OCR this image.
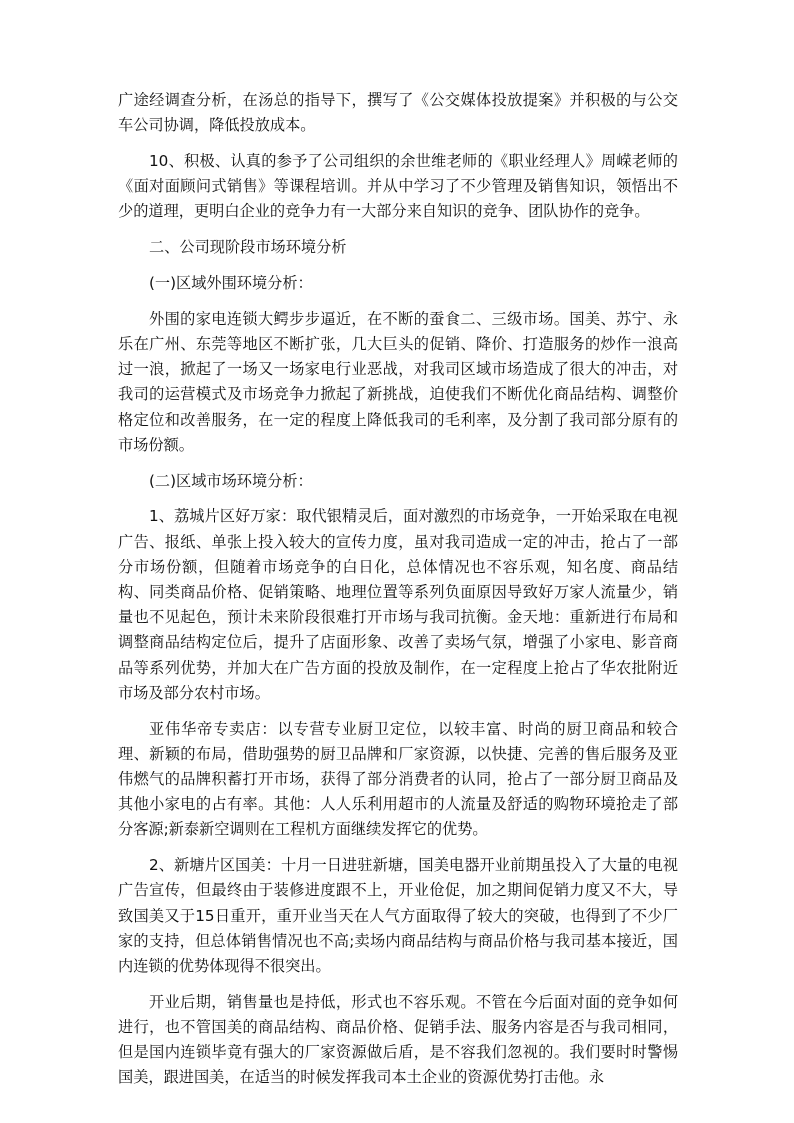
广途经调查分析，在汤总的指导下，撰写了《公交媒体投放提案》并积极的与公交车公司协调，降低投放成本。

10、积极、认真的参予了公司组织的余世维老师的《职业经理人》周嵘老师的《面对面顾问式销售》等课程培训。并从中学习了不少管理及销售知识，领悟出不少的道理，更明白企业的竞争力有一大部分来自知识的竞争、团队协作的竞争。

二、公司现阶段市场环境分析

(一)区域外围环境分析：

外围的家电连锁大鳄步步逼近，在不断的蚕食二、三级市场。国美、苏宁、永乐在广州、东莞等地区不断扩张，几大巨头的促销、降价、打造服务的炒作一浪高过一浪，掀起了一场又一场家电行业恶战，对我司区域市场造成了很大的冲击，对我司的运营模式及市场竞争力掀起了新挑战，迫使我们不断优化商品结构、调整价格定位和改善服务，在一定的程度上降低我司的毛利率，及分割了我司部分原有的市场份额。

(二)区域市场环境分析：

1、荔城片区好万家：取代银精灵后，面对激烈的市场竞争，一开始采取在电视广告、报纸、单张上投入较大的宣传力度，虽对我司造成一定的冲击，抢占了一部分市场份额，但随着市场竞争的白日化，总体情况也不容乐观，知名度、商品结构、同类商品价格、促销策略、地理位置等系列负面原因导致好万家人流量少，销量也不见起色，预计未来阶段很难打开市场与我司抗衡。金天地：重新进行布局和调整商品结构定位后，提升了店面形象、改善了卖场气氛，增强了小家电、影音商品等系列优势，并加大在广告方面的投放及制作，在一定程度上抢占了华农批附近市场及部分农村市场。

亚伟华帝专卖店：以专营专业厨卫定位，以较丰富、时尚的厨卫商品和较合理、新颖的布局，借助强势的厨卫品牌和厂家资源，以快捷、完善的售后服务及亚伟燃气的品牌积蓄打开市场，获得了部分消费者的认同，抢占了一部分厨卫商品及其他小家电的占有率。其他：人人乐利用超市的人流量及舒适的购物环境抢走了部分客源;新泰新空调则在工程机方面继续发挥它的优势。

2、新塘片区国美：十月一日进驻新塘，国美电器开业前期虽投入了大量的电视广告宣传，但最终由于装修进度跟不上，开业伧促，加之期间促销力度又不大，导致国美又于15日重开，重开业当天在人气方面取得了较大的突破，也得到了不少厂家的支持，但总体销售情况也不高;卖场内商品结构与商品价格与我司基本接近，国内连锁的优势体现得不很突出。

开业后期，销售量也是持低，形式也不容乐观。不管在今后面对面的竞争如何进行，也不管国美的商品结构、商品价格、促销手法、服务内容是否与我司相同，但是国内连锁毕竟有强大的厂家资源做后盾，是不容我们忽视的。我们要时时警惕国美，跟进国美，在适当的时候发挥我司本土企业的资源优势打击他。永
